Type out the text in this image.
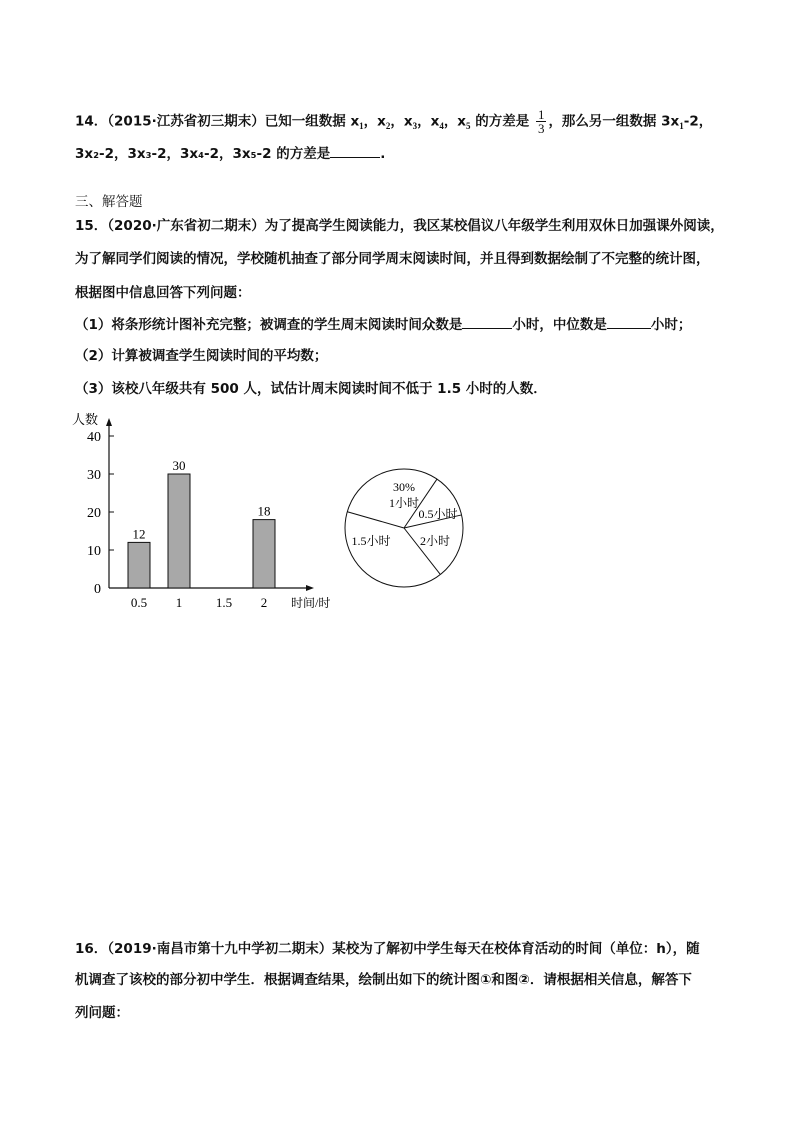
14．（2015·江苏省初三期末）已知一组数据 $x_1$，$x_2$，$x_3$，$x_4$，$x_5$ 的方差是 $\frac{1}{3}$ ，那么另一组数据 $3x_1-2$，
3x₂-2，3x₃-2，3x₄-2，3x₅-2 的方差是	.
三、解答题
15．（2020·广东省初二期末）为了提高学生阅读能力，我区某校倡议八年级学生利用双休日加强课外阅读，
为了解同学们阅读的情况，学校随机抽查了部分同学周末阅读时间，并且得到数据绘制了不完整的统计图，
根据图中信息回答下列问题：
（1）将条形统计图补充完整；被调查的学生周末阅读时间众数是	小时，中位数是	小时；
（2）计算被调查学生阅读时间的平均数；
（3）该校八年级共有 500 人，试估计周末阅读时间不低于 1.5 小时的人数．
0
10
20
30
40
人数
时间/时
0.5 1	1.5 2
12
30
18
30%
1小时
0.5小时
2小时
1.5小时
16．（2019·南昌市第十九中学初二期末）某校为了解初中学生每天在校体育活动的时间（单位：h），随
机调查了该校的部分初中学生．根据调查结果，绘制出如下的统计图①和图②．请根据相关信息，解答下
列问题：
